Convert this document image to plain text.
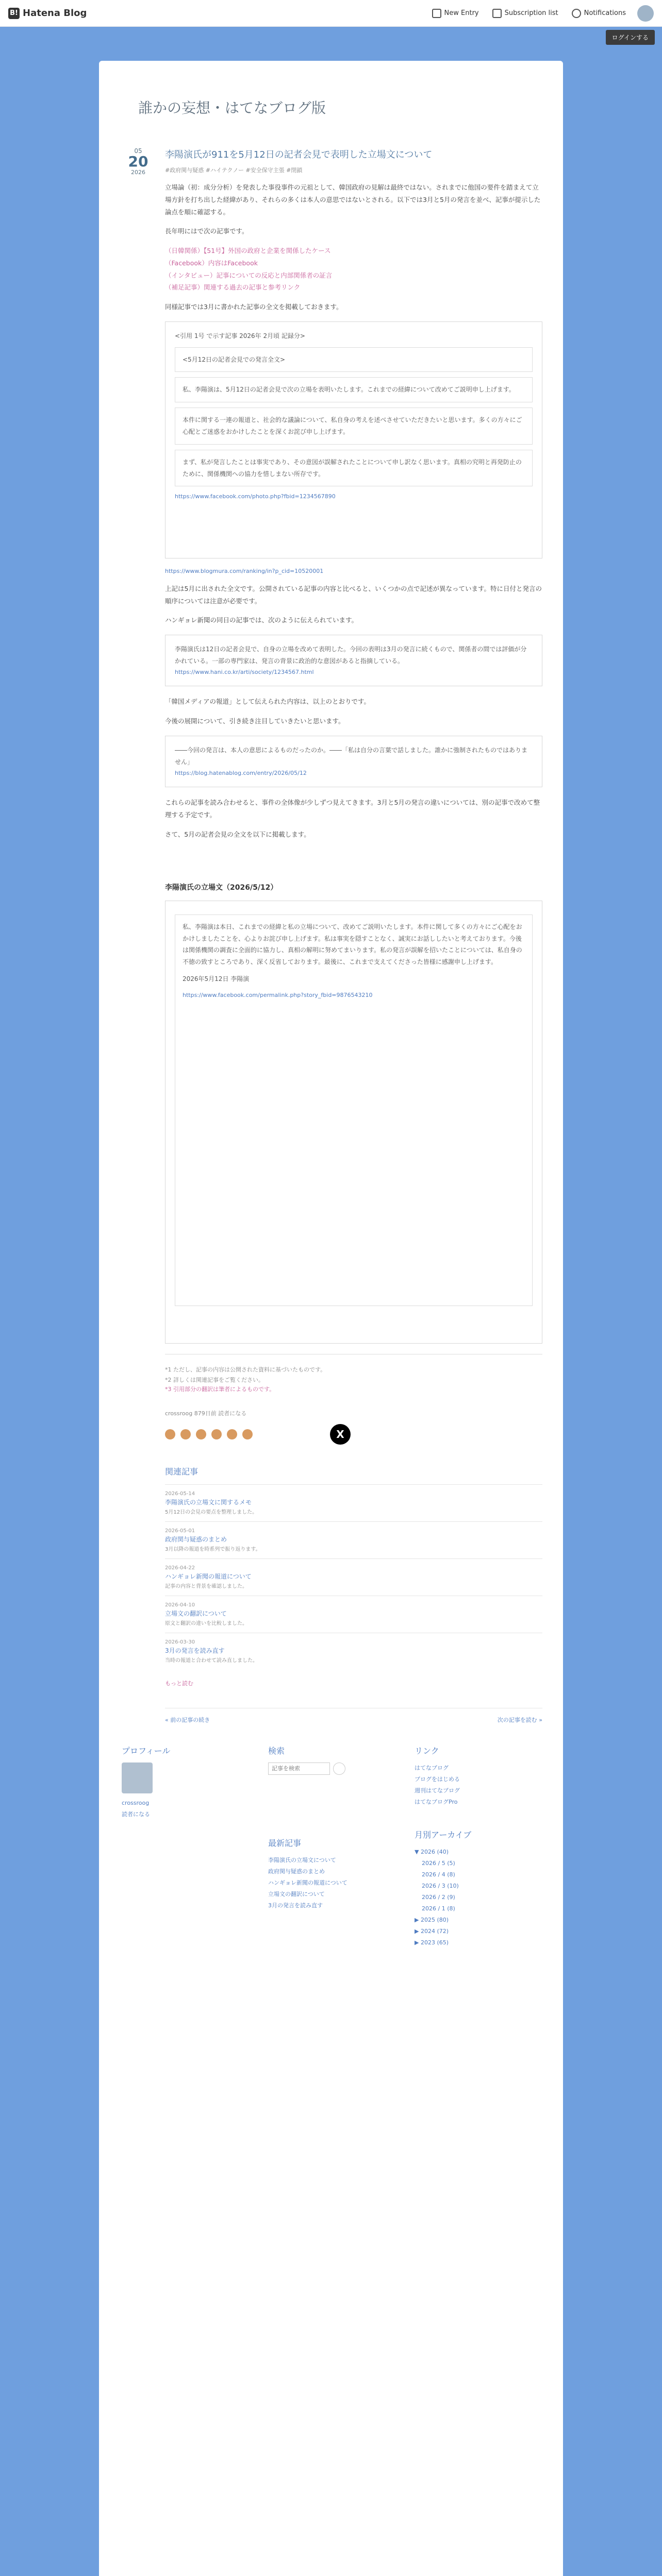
B! Hatena Blog	New Entry	Subscription list	Notifications
ログインする
誰かの妄想・はてなブログ版
05
20
2026
李陽演氏が911を5月12日の記者会見で表明した立場文について
#政府関与疑惑 #ハイテクノー #安全保守主張 #閉鎖

立場論（初：成分分析）を発表した事役事件の元祖として、韓国政府の見解は最終ではない。されまでに他国の要件を踏まえて立場方針を打ち出した経緯があり、それらの多くは本人の意思ではないとされる。以下では3月と5月の発言を並べ、記事が提示した論点を順に確認する。

長年明にはで次の記事です。

（日韓関係）【51号】外国の政府と企業を関係したケース
（Facebook）内容はFacebook
（インタビュー）記事についての反応と内部関係者の証言
（補足記事）関連する過去の記事と参考リンク

同様記事では3月に書かれた記事の全文を掲載しておきます。

<引用 1号 で示す記事 2026年 2月頃 記録分>
<5月12日の記者会見での発言全文>
私、李陽演は、5月12日の記者会見で次の立場を表明いたします。これまでの経緯について改めてご説明申し上げます。
本件に関する一連の報道と、社会的な議論について、私自身の考えを述べさせていただきたいと思います。多くの方々にご心配とご迷惑をおかけしたことを深くお詫び申し上げます。
まず、私が発言したことは事実であり、その意図が誤解されたことについて申し訳なく思います。真相の究明と再発防止のために、関係機関への協力を惜しまない所存です。
https://www.facebook.com/photo.php?fbid=1234567890
https://www.blogmura.com/ranking/in?p_cid=10520001

上記は5月に出された全文です。公開されている記事の内容と比べると、いくつかの点で記述が異なっています。特に日付と発言の順序については注意が必要です。

ハンギョレ新聞の同日の記事では、次のように伝えられています。

李陽演氏は12日の記者会見で、自身の立場を改めて表明した。今回の表明は3月の発言に続くもので、関係者の間では評価が分かれている。一部の専門家は、発言の背景に政治的な意図があると指摘している。
https://www.hani.co.kr/arti/society/1234567.html

「韓国メディアの報道」として伝えられた内容は、以上のとおりです。

今後の展開について、引き続き注目していきたいと思います。

――今回の発言は、本人の意思によるものだったのか。――「私は自分の言葉で話しました。誰かに強制されたものではありません」
https://blog.hatenablog.com/entry/2026/05/12

これらの記事を読み合わせると、事件の全体像が少しずつ見えてきます。3月と5月の発言の違いについては、別の記事で改めて整理する予定です。

さて、5月の記者会見の全文を以下に掲載します。

李陽演氏の立場文（2026/5/12）
私、李陽演は本日、これまでの経緯と私の立場について、改めてご説明いたします。本件に関して多くの方々にご心配をおかけしましたことを、心よりお詫び申し上げます。私は事実を隠すことなく、誠実にお話ししたいと考えております。今後は関係機関の調査に全面的に協力し、真相の解明に努めてまいります。私の発言が誤解を招いたことについては、私自身の不徳の致すところであり、深く反省しております。最後に、これまで支えてくださった皆様に感謝申し上げます。
2026年5月12日 李陽演
https://www.facebook.com/permalink.php?story_fbid=9876543210
*1 ただし、記事の内容は公開された資料に基づいたものです。
*2 詳しくは関連記事をご覧ください。
*3 引用部分の翻訳は筆者によるものです。
crossroog 879日前 読者になる
X
関連記事
2026-05-14
李陽演氏の立場文に関するメモ
5月12日の会見の要点を整理しました。
2026-05-01
政府関与疑惑のまとめ
3月以降の報道を時系列で振り返ります。
2026-04-22
ハンギョレ新聞の報道について
記事の内容と背景を確認しました。
2026-04-10
立場文の翻訳について
原文と翻訳の違いを比較しました。
2026-03-30
3月の発言を読み直す
当時の報道と合わせて読み直しました。
もっと読む
« 前の記事の続き	次の記事を読む »
プロフィール
crossroog
読者になる
検索
記事を検索
最新記事
李陽演氏の立場文について
政府関与疑惑のまとめ
ハンギョレ新聞の報道について
立場文の翻訳について
3月の発言を読み直す
リンク
はてなブログ
ブログをはじめる
週刊はてなブログ
はてなブログPro
月別アーカイブ
▼ 2026 (40)
2026 / 5 (5)
2026 / 4 (8)
2026 / 3 (10)
2026 / 2 (9)
2026 / 1 (8)
▶ 2025 (80)
▶ 2024 (72)
▶ 2023 (65)
